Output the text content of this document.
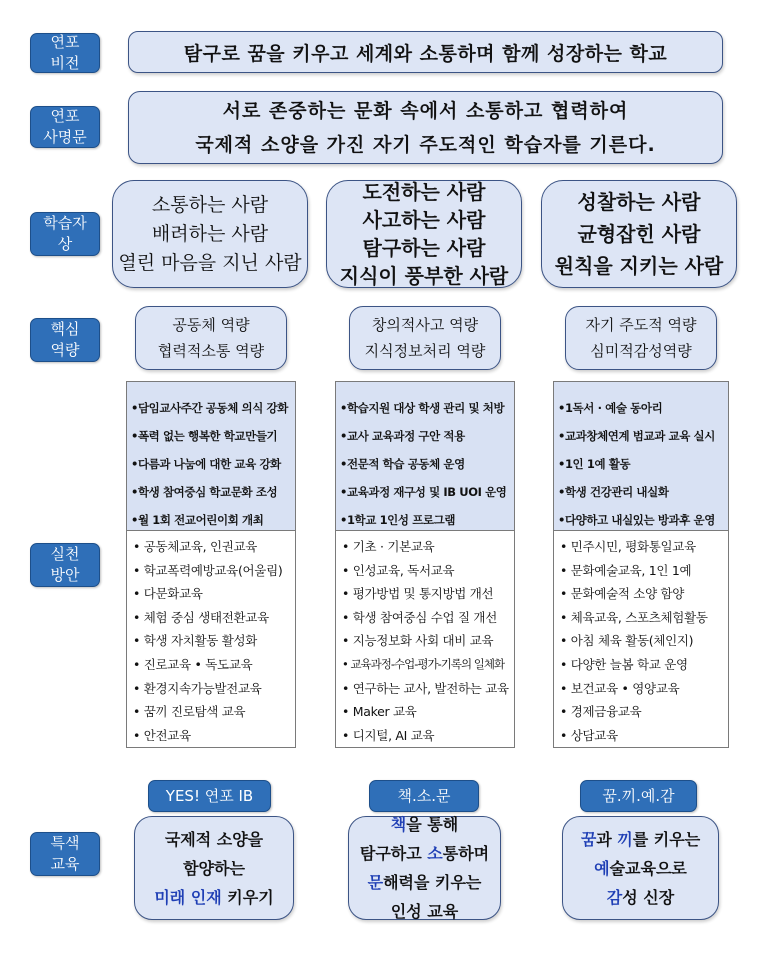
연포
비전
연포
사명문
학습자
상
핵심
역량
실천
방안
특색
교육
탐구로 꿈을 키우고 세계와 소통하며 함께 성장하는 학교
서로 존중하는 문화 속에서 소통하고 협력하여
국제적 소양을 가진 자기 주도적인 학습자를 기른다.
소통하는 사람
배려하는 사람
열린 마음을 지닌 사람
도전하는 사람
사고하는 사람
탐구하는 사람
지식이 풍부한 사람
성찰하는 사람
균형잡힌 사람
원칙을 지키는 사람
공동체 역량
협력적소통 역량
창의적사고 역량
지식정보처리 역량
자기 주도적 역량
심미적감성역량
•담임교사주간 공동체 의식 강화
•폭력 없는 행복한 학교만들기
•다름과 나눔에 대한 교육 강화
•학생 참여중심 학교문화 조성
•월 1회 전교어린이회 개최
• 공동체교육, 인권교육
• 학교폭력예방교육(어울림)
• 다문화교육
• 체험 중심 생태전환교육
• 학생 자치활동 활성화
• 진로교육 • 독도교육
• 환경지속가능발전교육
• 꿈끼 진로탐색 교육
• 안전교육
•학습지원 대상 학생 관리 및 처방
•교사 교육과정 구안 적용
•전문적 학습 공동체 운영
•교육과정 재구성 및 IB UOI 운영
•1학교 1인성 프로그램
• 기초 · 기본교육
• 인성교육, 독서교육
• 평가방법 및 통지방법 개선
• 학생 참여중심 수업 질 개선
• 지능정보화 사회 대비 교육
• 교육과정-수업-평가-기록의 일체화
• 연구하는 교사, 발전하는 교육
• Maker 교육
• 디지털, AI 교육
•1독서 · 예술 동아리
•교과창체연계 범교과 교육 실시
•1인 1예 활동
•학생 건강관리 내실화
•다양하고 내실있는 방과후 운영
• 민주시민, 평화통일교육
• 문화예술교육, 1인 1예
• 문화예술적 소양 함양
• 체육교육, 스포츠체험활동
• 아침 체육 활동(체인지)
• 다양한 늘봄 학교 운영
• 보건교육 • 영양교육
• 경제금융교육
• 상담교육
YES! 연포 IB	책.소.문	꿈.끼.예.감
국제적 소양을
함양하는
미래 인재 키우기
책을 통해
탐구하고 소통하며
문해력을 키우는
인성 교육
꿈과 끼를 키우는
예술교육으로
감성 신장
